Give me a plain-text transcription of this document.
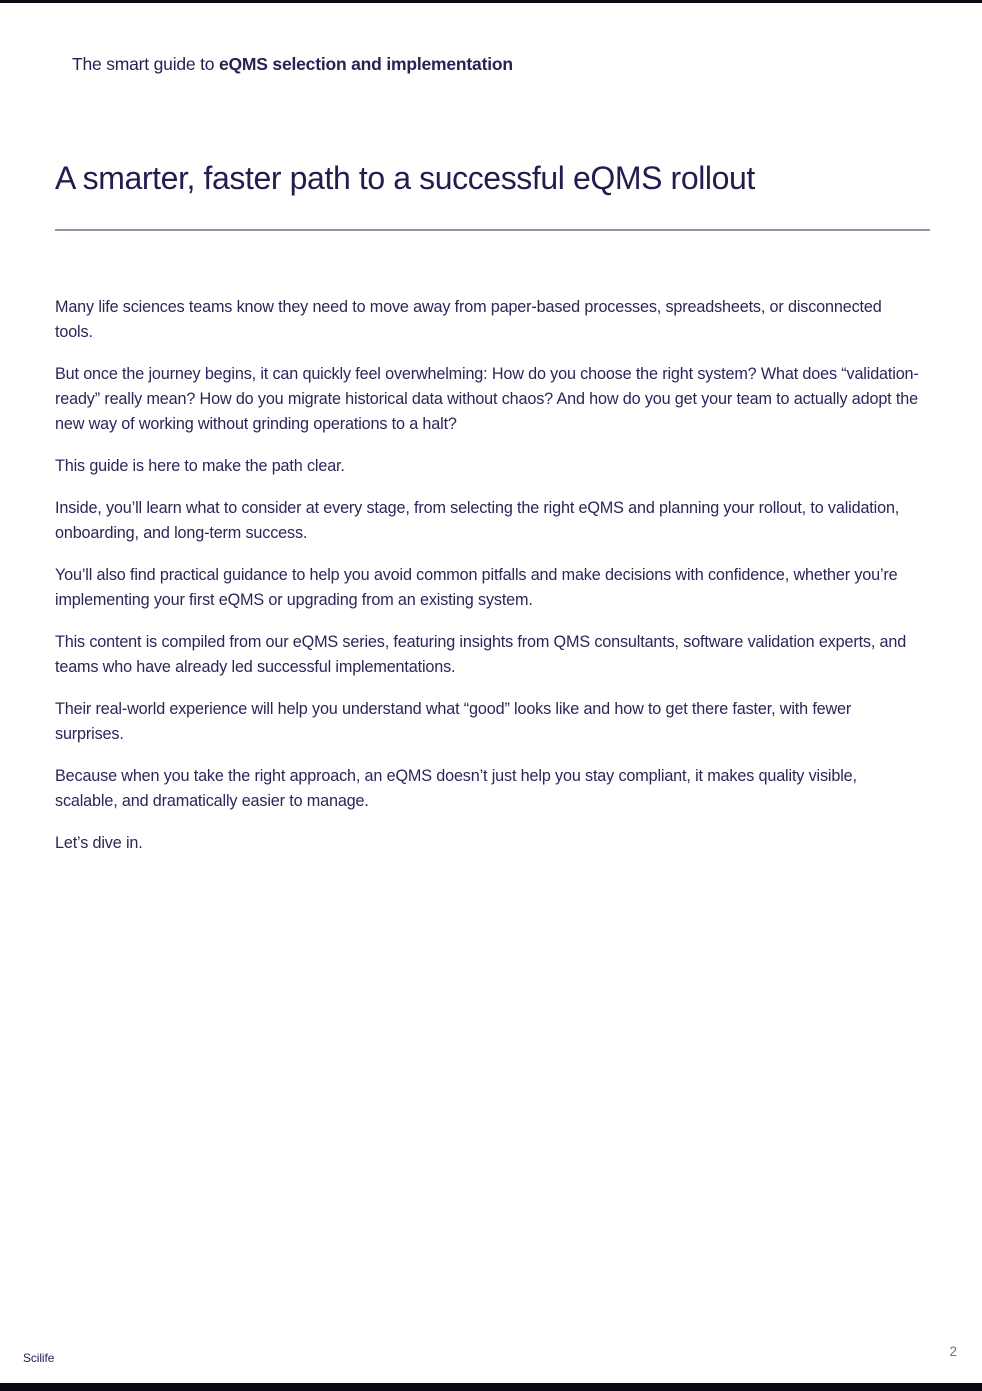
The smart guide to eQMS selection and implementation
A smarter, faster path to a successful eQMS rollout

Many life sciences teams know they need to move away from paper-based processes, spreadsheets, or disconnected tools.

But once the journey begins, it can quickly feel overwhelming: How do you choose the right system? What does “validation-ready” really mean? How do you migrate historical data without chaos? And how do you get your team to actually adopt the new way of working without grinding operations to a halt?

This guide is here to make the path clear.

Inside, you’ll learn what to consider at every stage, from selecting the right eQMS and planning your rollout, to validation, onboarding, and long-term success.

You’ll also find practical guidance to help you avoid common pitfalls and make decisions with confidence, whether you’re implementing your first eQMS or upgrading from an existing system.

This content is compiled from our eQMS series, featuring insights from QMS consultants, software validation experts, and teams who have already led successful implementations.

Their real-world experience will help you understand what “good” looks like and how to get there faster, with fewer surprises.

Because when you take the right approach, an eQMS doesn’t just help you stay compliant, it makes quality visible, scalable, and dramatically easier to manage.

Let’s dive in.

Scilife	2
